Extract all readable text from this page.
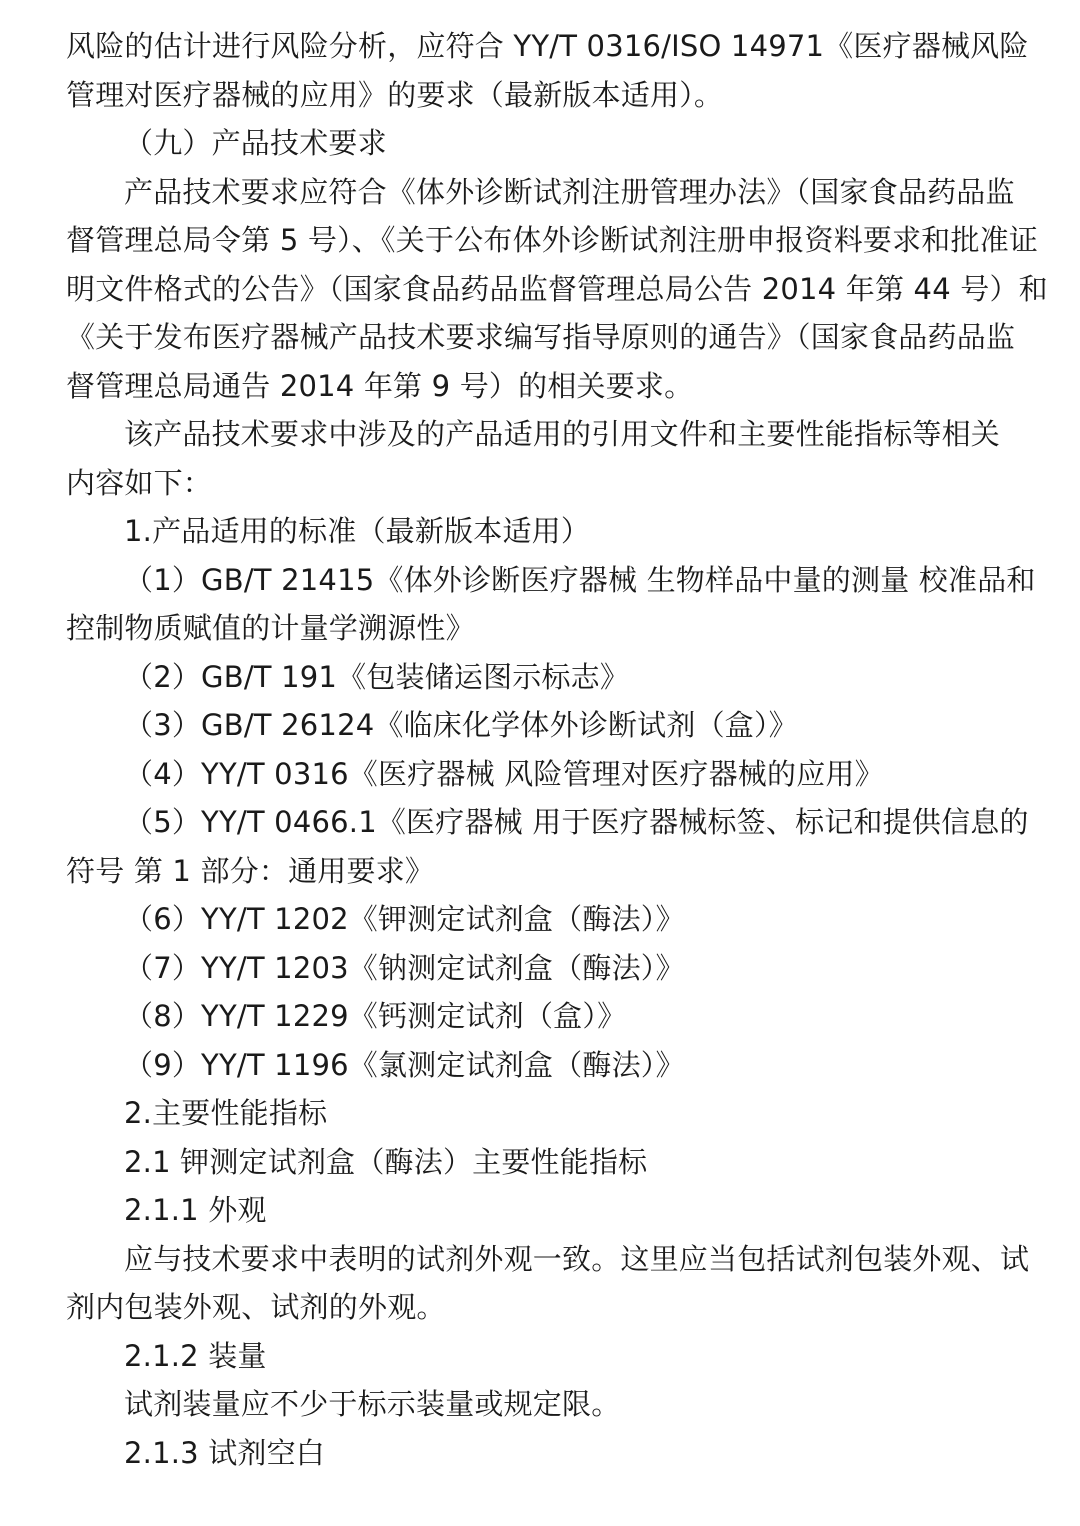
风险的估计进行风险分析，应符合 YY/T 0316/ISO 14971《医疗器械风险
管理对医疗器械的应用》的要求（最新版本适用）。
（九）产品技术要求
产品技术要求应符合《体外诊断试剂注册管理办法》（国家食品药品监
督管理总局令第 5 号）、《关于公布体外诊断试剂注册申报资料要求和批准证
明文件格式的公告》（国家食品药品监督管理总局公告 2014 年第 44 号）和
《关于发布医疗器械产品技术要求编写指导原则的通告》（国家食品药品监
督管理总局通告 2014 年第 9 号）的相关要求。
该产品技术要求中涉及的产品适用的引用文件和主要性能指标等相关
内容如下：
1.产品适用的标准（最新版本适用）
（1）GB/T 21415《体外诊断医疗器械 生物样品中量的测量 校准品和
控制物质赋值的计量学溯源性》
（2）GB/T 191《包装储运图示标志》
（3）GB/T 26124《临床化学体外诊断试剂（盒）》
（4）YY/T 0316《医疗器械 风险管理对医疗器械的应用》
（5）YY/T 0466.1《医疗器械 用于医疗器械标签、标记和提供信息的
符号 第 1 部分：通用要求》
（6）YY/T 1202《钾测定试剂盒（酶法）》
（7）YY/T 1203《钠测定试剂盒（酶法）》
（8）YY/T 1229《钙测定试剂（盒）》
（9）YY/T 1196《氯测定试剂盒（酶法）》
2.主要性能指标
2.1 钾测定试剂盒（酶法）主要性能指标
2.1.1 外观
应与技术要求中表明的试剂外观一致。这里应当包括试剂包装外观、试
剂内包装外观、试剂的外观。
2.1.2 装量
试剂装量应不少于标示装量或规定限。
2.1.3 试剂空白
